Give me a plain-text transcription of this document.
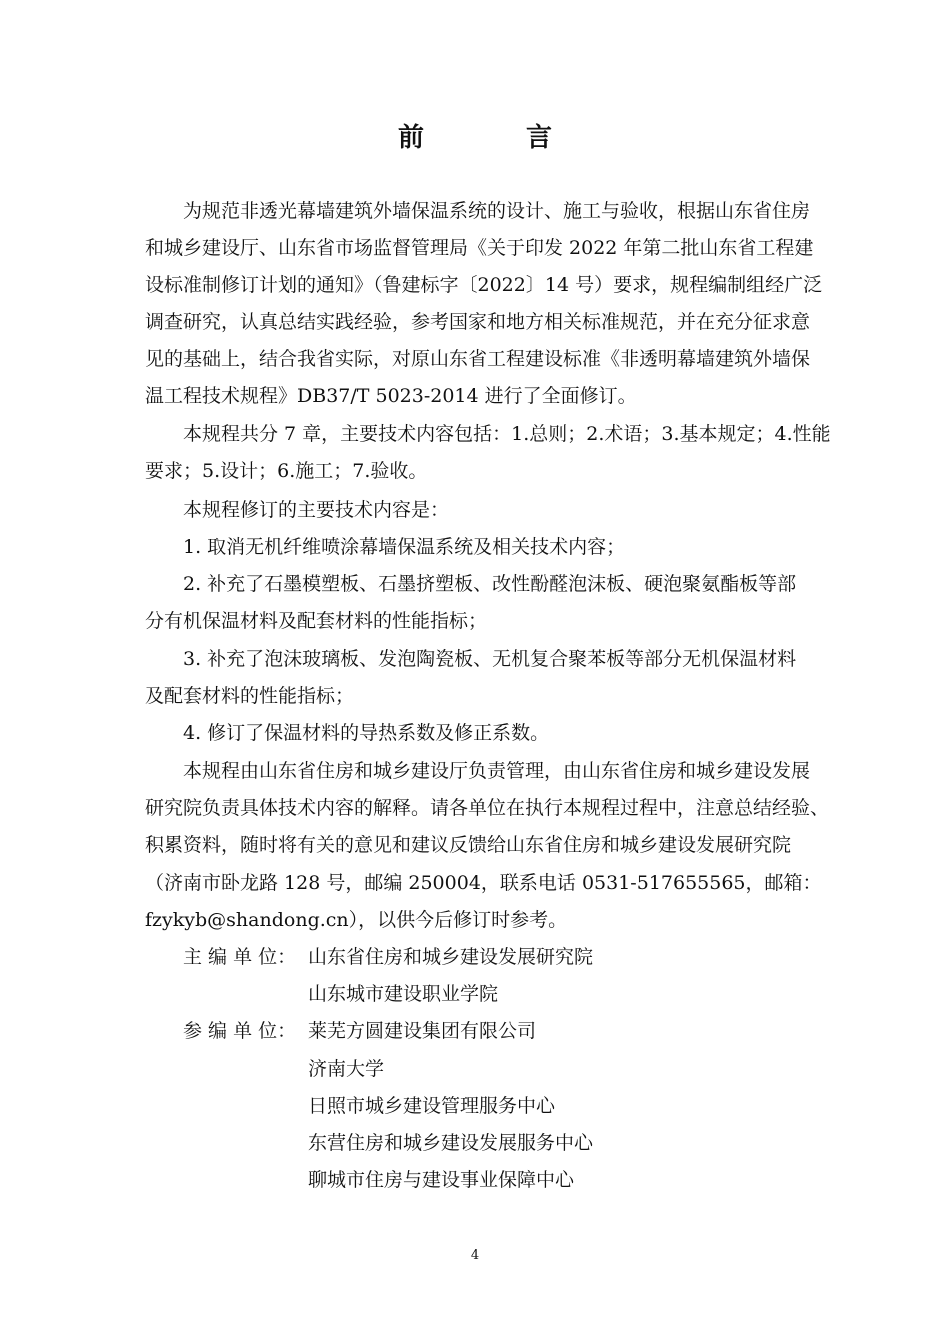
前　言
为规范非透光幕墙建筑外墙保温系统的设计、施工与验收，根据山东省住房
和城乡建设厅、山东省市场监督管理局《关于印发 2022 年第二批山东省工程建
设标准制修订计划的通知》（鲁建标字〔2022〕14 号）要求，规程编制组经广泛
调查研究，认真总结实践经验，参考国家和地方相关标准规范，并在充分征求意
见的基础上，结合我省实际，对原山东省工程建设标准《非透明幕墙建筑外墙保
温工程技术规程》DB37/T 5023-2014 进行了全面修订。
本规程共分 7 章，主要技术内容包括：1.总则；2.术语；3.基本规定；4.性能
要求；5.设计；6.施工；7.验收。
本规程修订的主要技术内容是：
1. 取消无机纤维喷涂幕墙保温系统及相关技术内容；
2. 补充了石墨模塑板、石墨挤塑板、改性酚醛泡沫板、硬泡聚氨酯板等部
分有机保温材料及配套材料的性能指标；
3. 补充了泡沫玻璃板、发泡陶瓷板、无机复合聚苯板等部分无机保温材料
及配套材料的性能指标；
4. 修订了保温材料的导热系数及修正系数。
本规程由山东省住房和城乡建设厅负责管理，由山东省住房和城乡建设发展
研究院负责具体技术内容的解释。请各单位在执行本规程过程中，注意总结经验、
积累资料，随时将有关的意见和建议反馈给山东省住房和城乡建设发展研究院
（济南市卧龙路 128 号，邮编 250004，联系电话 0531-517655565，邮箱：
fzykyb@shandong.cn），以供今后修订时参考。
主 编 单 位： 山东省住房和城乡建设发展研究院
山东城市建设职业学院
参 编 单 位： 莱芜方圆建设集团有限公司
济南大学
日照市城乡建设管理服务中心
东营住房和城乡建设发展服务中心
聊城市住房与建设事业保障中心
4
